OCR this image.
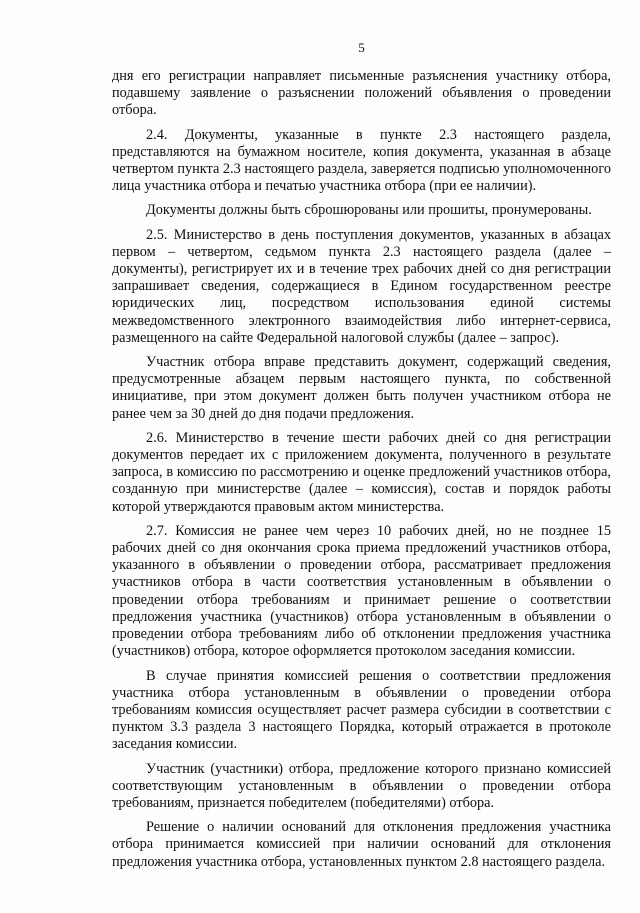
5

дня его регистрации направляет письменные разъяснения участнику отбора, подавшему заявление о разъяснении положений объявления о проведении отбора.

2.4. Документы, указанные в пункте 2.3 настоящего раздела, представляются на бумажном носителе, копия документа, указанная в абзаце четвертом пункта 2.3 настоящего раздела, заверяется подписью уполномоченного лица участника отбора и печатью участника отбора (при ее наличии).

Документы должны быть сброшюрованы или прошиты, пронумерованы.

2.5. Министерство в день поступления документов, указанных в абзацах первом – четвертом, седьмом пункта 2.3 настоящего раздела (далее – документы), регистрирует их и в течение трех рабочих дней со дня регистрации запрашивает сведения, содержащиеся в Едином государственном реестре юридических лиц, посредством использования единой системы межведомственного электронного взаимодействия либо интернет-сервиса, размещенного на сайте Федеральной налоговой службы (далее – запрос).

Участник отбора вправе представить документ, содержащий сведения, предусмотренные абзацем первым настоящего пункта, по собственной инициативе, при этом документ должен быть получен участником отбора не ранее чем за 30 дней до дня подачи предложения.

2.6. Министерство в течение шести рабочих дней со дня регистрации документов передает их с приложением документа, полученного в результате запроса, в комиссию по рассмотрению и оценке предложений участников отбора, созданную при министерстве (далее – комиссия), состав и порядок работы которой утверждаются правовым актом министерства.

2.7. Комиссия не ранее чем через 10 рабочих дней, но не позднее 15 рабочих дней со дня окончания срока приема предложений участников отбора, указанного в объявлении о проведении отбора, рассматривает предложения участников отбора в части соответствия установленным в объявлении о проведении отбора требованиям и принимает решение о соответствии предложения участника (участников) отбора установленным в объявлении о проведении отбора требованиям либо об отклонении предложения участника (участников) отбора, которое оформляется протоколом заседания комиссии.

В случае принятия комиссией решения о соответствии предложения участника отбора установленным в объявлении о проведении отбора требованиям комиссия осуществляет расчет размера субсидии в соответствии с пунктом 3.3 раздела 3 настоящего Порядка, который отражается в протоколе заседания комиссии.

Участник (участники) отбора, предложение которого признано комиссией соответствующим установленным в объявлении о проведении отбора требованиям, признается победителем (победителями) отбора.

Решение о наличии оснований для отклонения предложения участника отбора принимается комиссией при наличии оснований для отклонения предложения участника отбора, установленных пунктом 2.8 настоящего раздела.
